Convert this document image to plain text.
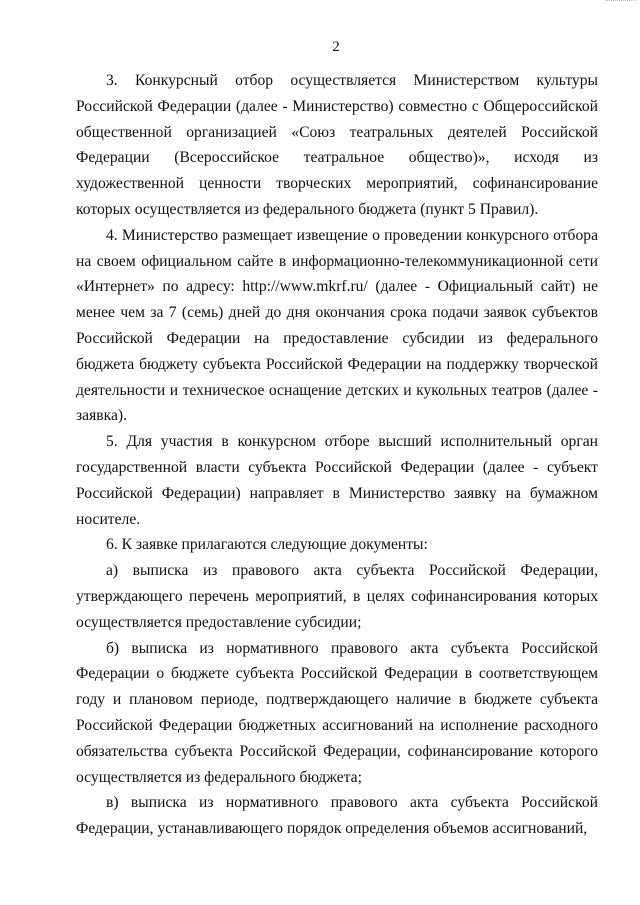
2

3. Конкурсный отбор осуществляется Министерством культуры Российской Федерации (далее - Министерство) совместно с Общероссийской общественной организацией «Союз театральных деятелей Российской Федерации (Всероссийское театральное общество)», исходя из художественной ценности творческих мероприятий, софинансирование которых осуществляется из федерального бюджета (пункт 5 Правил).

4. Министерство размещает извещение о проведении конкурсного отбора на своем официальном сайте в информационно-телекоммуникационной сети «Интернет» по адресу: http://www.mkrf.ru/ (далее - Официальный сайт) не менее чем за 7 (семь) дней до дня окончания срока подачи заявок субъектов Российской Федерации на предоставление субсидии из федерального бюджета бюджету субъекта Российской Федерации на поддержку творческой деятельности и техническое оснащение детских и кукольных театров (далее - заявка).

5. Для участия в конкурсном отборе высший исполнительный орган государственной власти субъекта Российской Федерации (далее - субъект Российской Федерации) направляет в Министерство заявку на бумажном носителе.

6. К заявке прилагаются следующие документы:

а) выписка из правового акта субъекта Российской Федерации, утверждающего перечень мероприятий, в целях софинансирования которых осуществляется предоставление субсидии;

б) выписка из нормативного правового акта субъекта Российской Федерации о бюджете субъекта Российской Федерации в соответствующем году и плановом периоде, подтверждающего наличие в бюджете субъекта Российской Федерации бюджетных ассигнований на исполнение расходного обязательства субъекта Российской Федерации, софинансирование которого осуществляется из федерального бюджета;

в) выписка из нормативного правового акта субъекта Российской Федерации, устанавливающего порядок определения объемов ассигнований,
